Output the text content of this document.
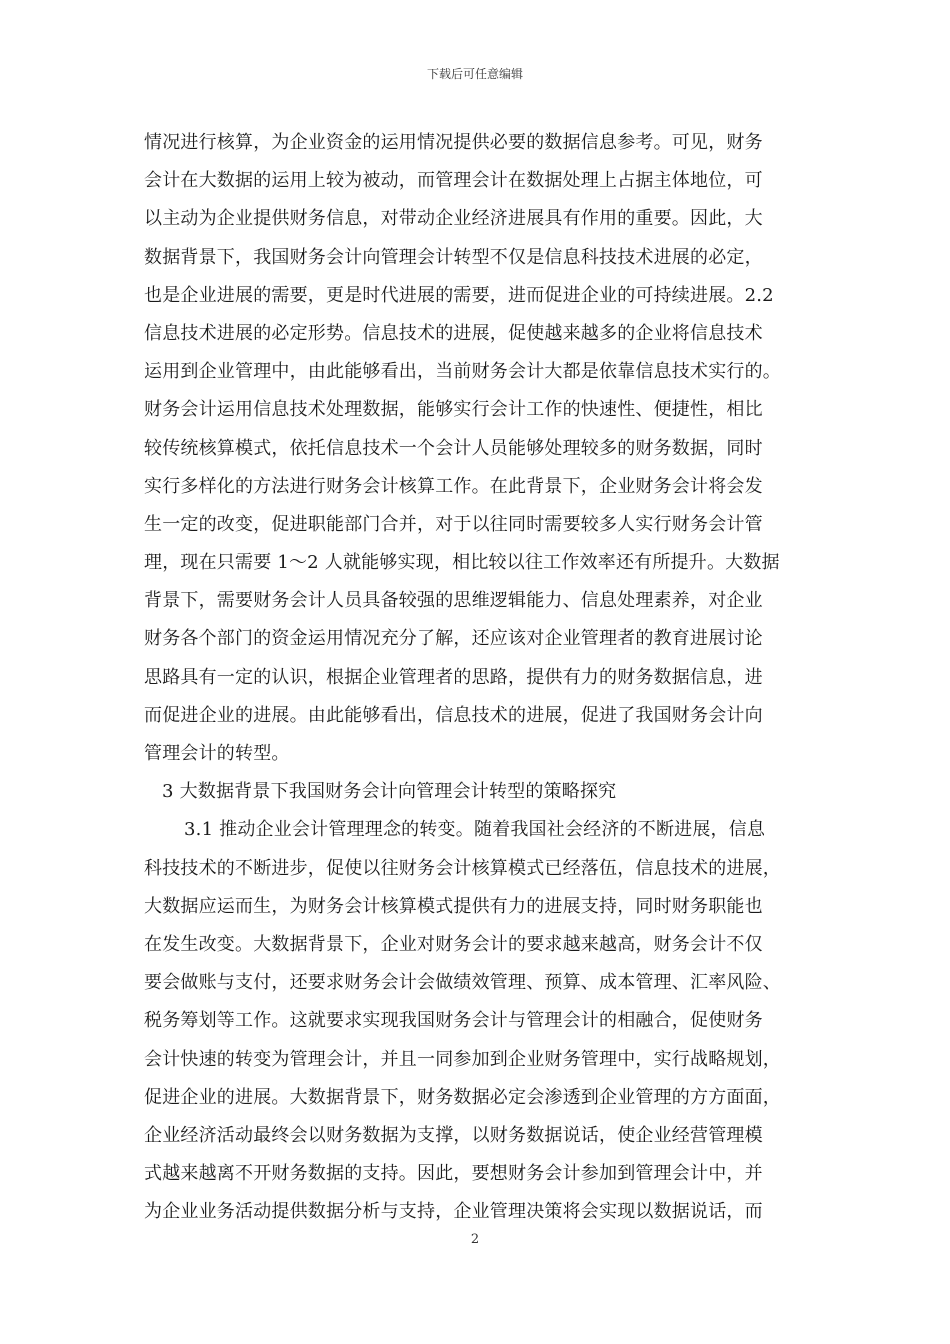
下载后可任意编辑
情况进行核算，为企业资金的运用情况提供必要的数据信息参考。可见，财务
会计在大数据的运用上较为被动，而管理会计在数据处理上占据主体地位，可
以主动为企业提供财务信息，对带动企业经济进展具有作用的重要。因此，大
数据背景下，我国财务会计向管理会计转型不仅是信息科技技术进展的必定，
也是企业进展的需要，更是时代进展的需要，进而促进企业的可持续进展。2.2
信息技术进展的必定形势。信息技术的进展，促使越来越多的企业将信息技术
运用到企业管理中，由此能够看出，当前财务会计大都是依靠信息技术实行的。
财务会计运用信息技术处理数据，能够实行会计工作的快速性、便捷性，相比
较传统核算模式，依托信息技术一个会计人员能够处理较多的财务数据，同时
实行多样化的方法进行财务会计核算工作。在此背景下，企业财务会计将会发
生一定的改变，促进职能部门合并，对于以往同时需要较多人实行财务会计管
理，现在只需要 1～2 人就能够实现，相比较以往工作效率还有所提升。大数据
背景下，需要财务会计人员具备较强的思维逻辑能力、信息处理素养，对企业
财务各个部门的资金运用情况充分了解，还应该对企业管理者的教育进展讨论
思路具有一定的认识，根据企业管理者的思路，提供有力的财务数据信息，进
而促进企业的进展。由此能够看出，信息技术的进展，促进了我国财务会计向
管理会计的转型。
3 大数据背景下我国财务会计向管理会计转型的策略探究
3.1 推动企业会计管理理念的转变。随着我国社会经济的不断进展，信息
科技技术的不断进步，促使以往财务会计核算模式已经落伍，信息技术的进展，
大数据应运而生，为财务会计核算模式提供有力的进展支持，同时财务职能也
在发生改变。大数据背景下，企业对财务会计的要求越来越高，财务会计不仅
要会做账与支付，还要求财务会计会做绩效管理、预算、成本管理、汇率风险、
税务筹划等工作。这就要求实现我国财务会计与管理会计的相融合，促使财务
会计快速的转变为管理会计，并且一同参加到企业财务管理中，实行战略规划，
促进企业的进展。大数据背景下，财务数据必定会渗透到企业管理的方方面面，
企业经济活动最终会以财务数据为支撑，以财务数据说话，使企业经营管理模
式越来越离不开财务数据的支持。因此，要想财务会计参加到管理会计中，并
为企业业务活动提供数据分析与支持，企业管理决策将会实现以数据说话，而
2
